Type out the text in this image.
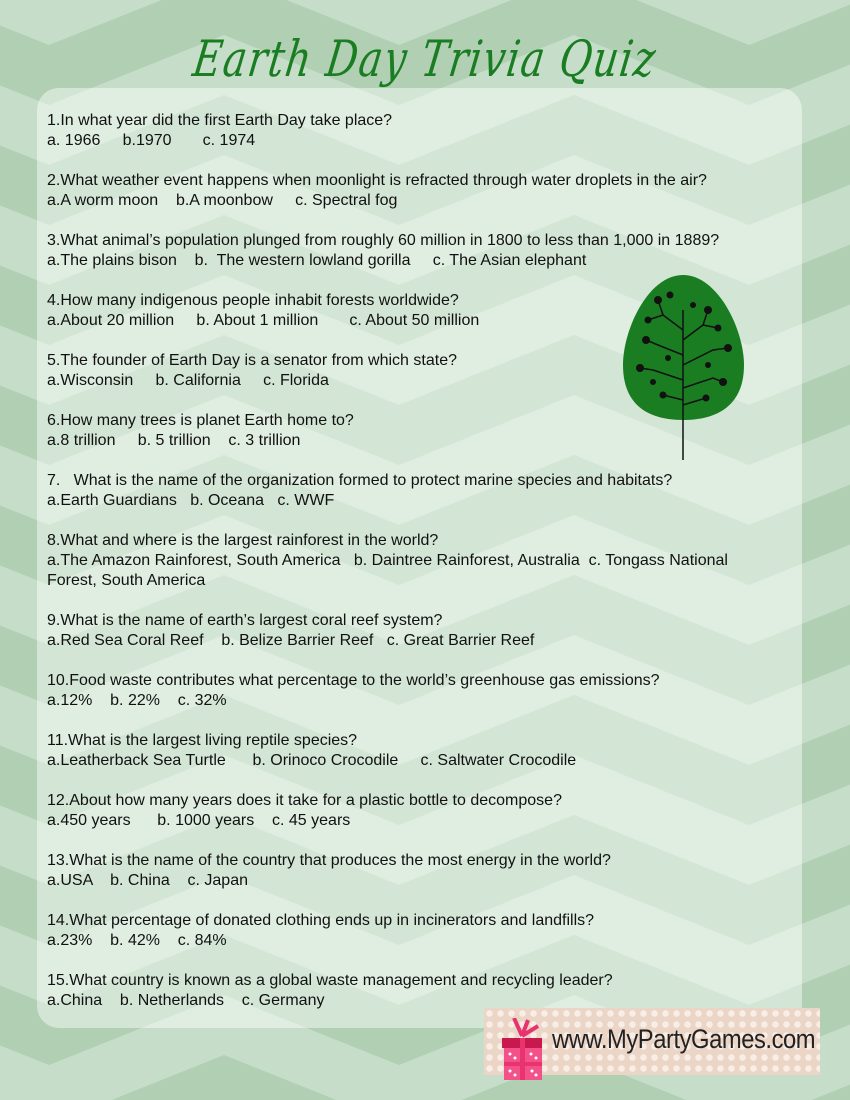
Earth Day Trivia Quiz
1.In what year did the first Earth Day take place?
a. 1966     b.1970       c. 1974
2.What weather event happens when moonlight is refracted through water droplets in the air?
a.A worm moon    b.A moonbow     c. Spectral fog
3.What animal’s population plunged from roughly 60 million in 1800 to less than 1,000 in 1889?
a.The plains bison    b.  The western lowland gorilla     c. The Asian elephant
4.How many indigenous people inhabit forests worldwide?
a.About 20 million     b. About 1 million       c. About 50 million
5.The founder of Earth Day is a senator from which state?
a.Wisconsin     b. California     c. Florida
6.How many trees is planet Earth home to?
a.8 trillion     b. 5 trillion    c. 3 trillion
7.   What is the name of the organization formed to protect marine species and habitats?
a.Earth Guardians   b. Oceana   c. WWF
8.What and where is the largest rainforest in the world?
a.The Amazon Rainforest, South America   b. Daintree Rainforest, Australia  c. Tongass National Forest, South America
9.What is the name of earth’s largest coral reef system?
a.Red Sea Coral Reef    b. Belize Barrier Reef   c. Great Barrier Reef
10.Food waste contributes what percentage to the world’s greenhouse gas emissions?
a.12%    b. 22%    c. 32%
11.What is the largest living reptile species?
a.Leatherback Sea Turtle      b. Orinoco Crocodile     c. Saltwater Crocodile
12.About how many years does it take for a plastic bottle to decompose?
a.450 years      b. 1000 years    c. 45 years
13.What is the name of the country that produces the most energy in the world?
a.USA    b. China    c. Japan
14.What percentage of donated clothing ends up in incinerators and landfills?
a.23%    b. 42%    c. 84%
15.What country is known as a global waste management and recycling leader?
a.China    b. Netherlands    c. Germany
www.MyPartyGames.com
